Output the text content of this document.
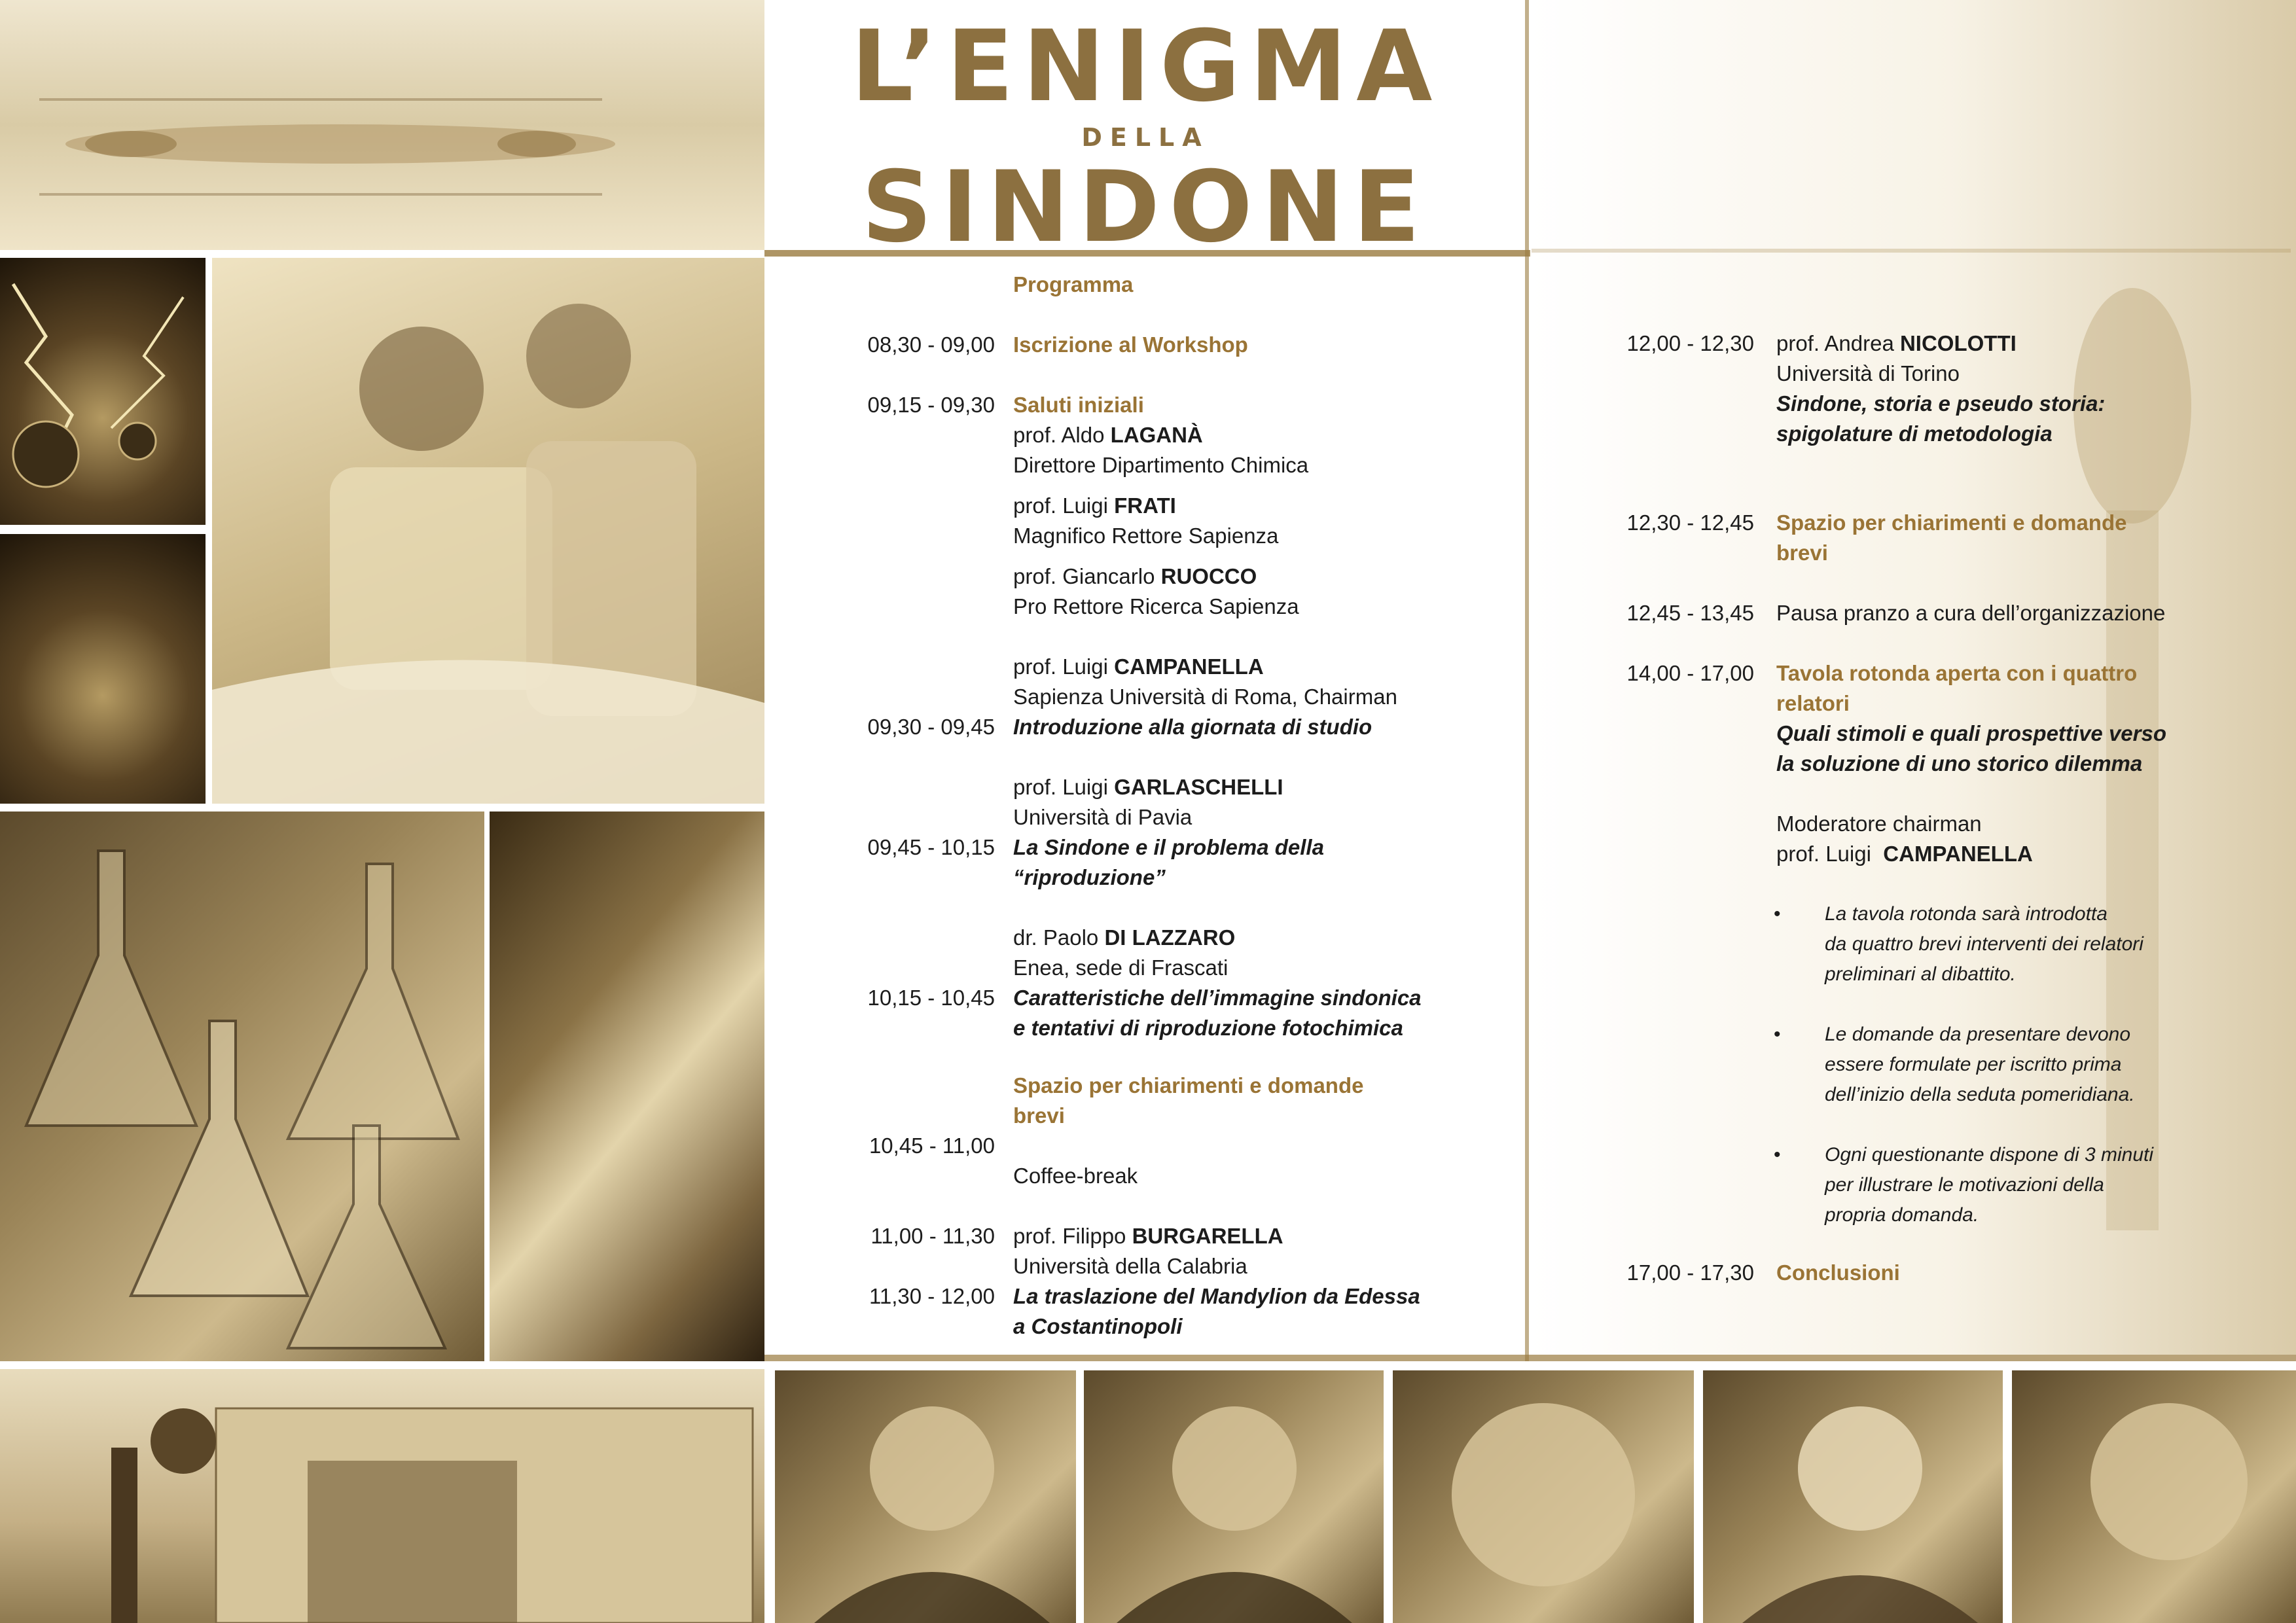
L’ENIGMA
DELLA
SINDONE
Programma
08,30 - 09,00 Iscrizione al Workshop
09,15 - 09,30 Saluti iniziali
prof. Aldo LAGANÀ
Direttore Dipartimento Chimica
prof. Luigi FRATI
Magnifico Rettore Sapienza
prof. Giancarlo RUOCCO
Pro Rettore Ricerca Sapienza
prof. Luigi CAMPANELLA
Sapienza Università di Roma, Chairman
09,30 - 09,45 Introduzione alla giornata di studio
prof. Luigi GARLASCHELLI
Università di Pavia
09,45 - 10,15 La Sindone e il problema della
“riproduzione”
dr. Paolo DI LAZZARO
Enea, sede di Frascati
10,15 - 10,45 Caratteristiche dell’immagine sindonica
e tentativi di riproduzione fotochimica
Spazio per chiarimenti e domande
brevi
10,45 - 11,00
Coffee-break
11,00 - 11,30 prof. Filippo BURGARELLA
Università della Calabria
11,30 - 12,00 La traslazione del Mandylion da Edessa
a Costantinopoli
12,00 - 12,30 prof. Andrea NICOLOTTI
Università di Torino
Sindone, storia e pseudo storia:
spigolature di metodologia
12,30 - 12,45 Spazio per chiarimenti e domande
brevi
12,45 - 13,45 Pausa pranzo a cura dell’organizzazione
14,00 - 17,00 Tavola rotonda aperta con i quattro
relatori
Quali stimoli e quali prospettive verso
la soluzione di uno storico dilemma
Moderatore chairman
prof. Luigi CAMPANELLA
• La tavola rotonda sarà introdotta
da quattro brevi interventi dei relatori
preliminari al dibattito.
• Le domande da presentare devono
essere formulate per iscritto prima
dell’inizio della seduta pomeridiana.
• Ogni questionante dispone di 3 minuti
per illustrare le motivazioni della
propria domanda.
17,00 - 17,30 Conclusioni
